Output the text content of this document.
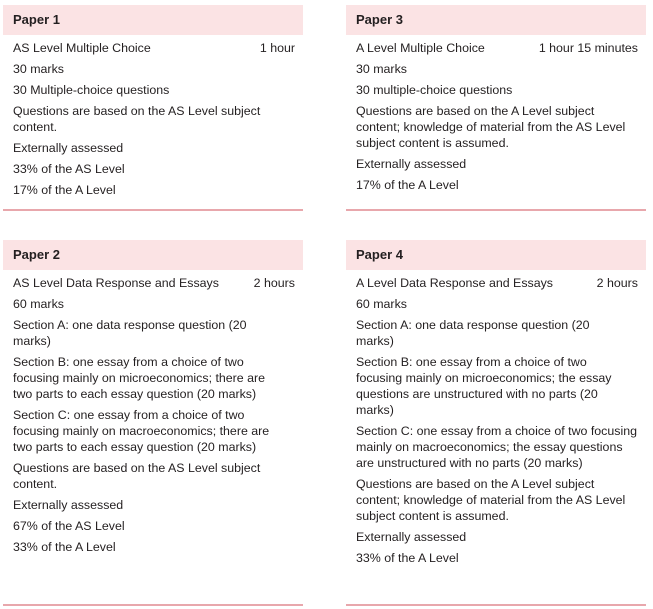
Paper 1
AS Level Multiple Choice	1 hour
30 marks
30 Multiple-choice questions
Questions are based on the AS Level subject content.
Externally assessed
33% of the AS Level
17% of the A Level
Paper 3
A Level Multiple Choice	1 hour 15 minutes
30 marks
30 multiple-choice questions
Questions are based on the A Level subject content; knowledge of material from the AS Level subject content is assumed.
Externally assessed
17% of the A Level
Paper 2
AS Level Data Response and Essays	2 hours
60 marks
Section A: one data response question (20 marks)
Section B: one essay from a choice of two focusing mainly on microeconomics; there are two parts to each essay question (20 marks)
Section C: one essay from a choice of two focusing mainly on macroeconomics; there are two parts to each essay question (20 marks)
Questions are based on the AS Level subject content.
Externally assessed
67% of the AS Level
33% of the A Level
Paper 4
A Level Data Response and Essays	2 hours
60 marks
Section A: one data response question (20 marks)
Section B: one essay from a choice of two focusing mainly on microeconomics; the essay questions are unstructured with no parts (20 marks)
Section C: one essay from a choice of two focusing mainly on macroeconomics; the essay questions are unstructured with no parts (20 marks)
Questions are based on the A Level subject content; knowledge of material from the AS Level subject content is assumed.
Externally assessed
33% of the A Level
